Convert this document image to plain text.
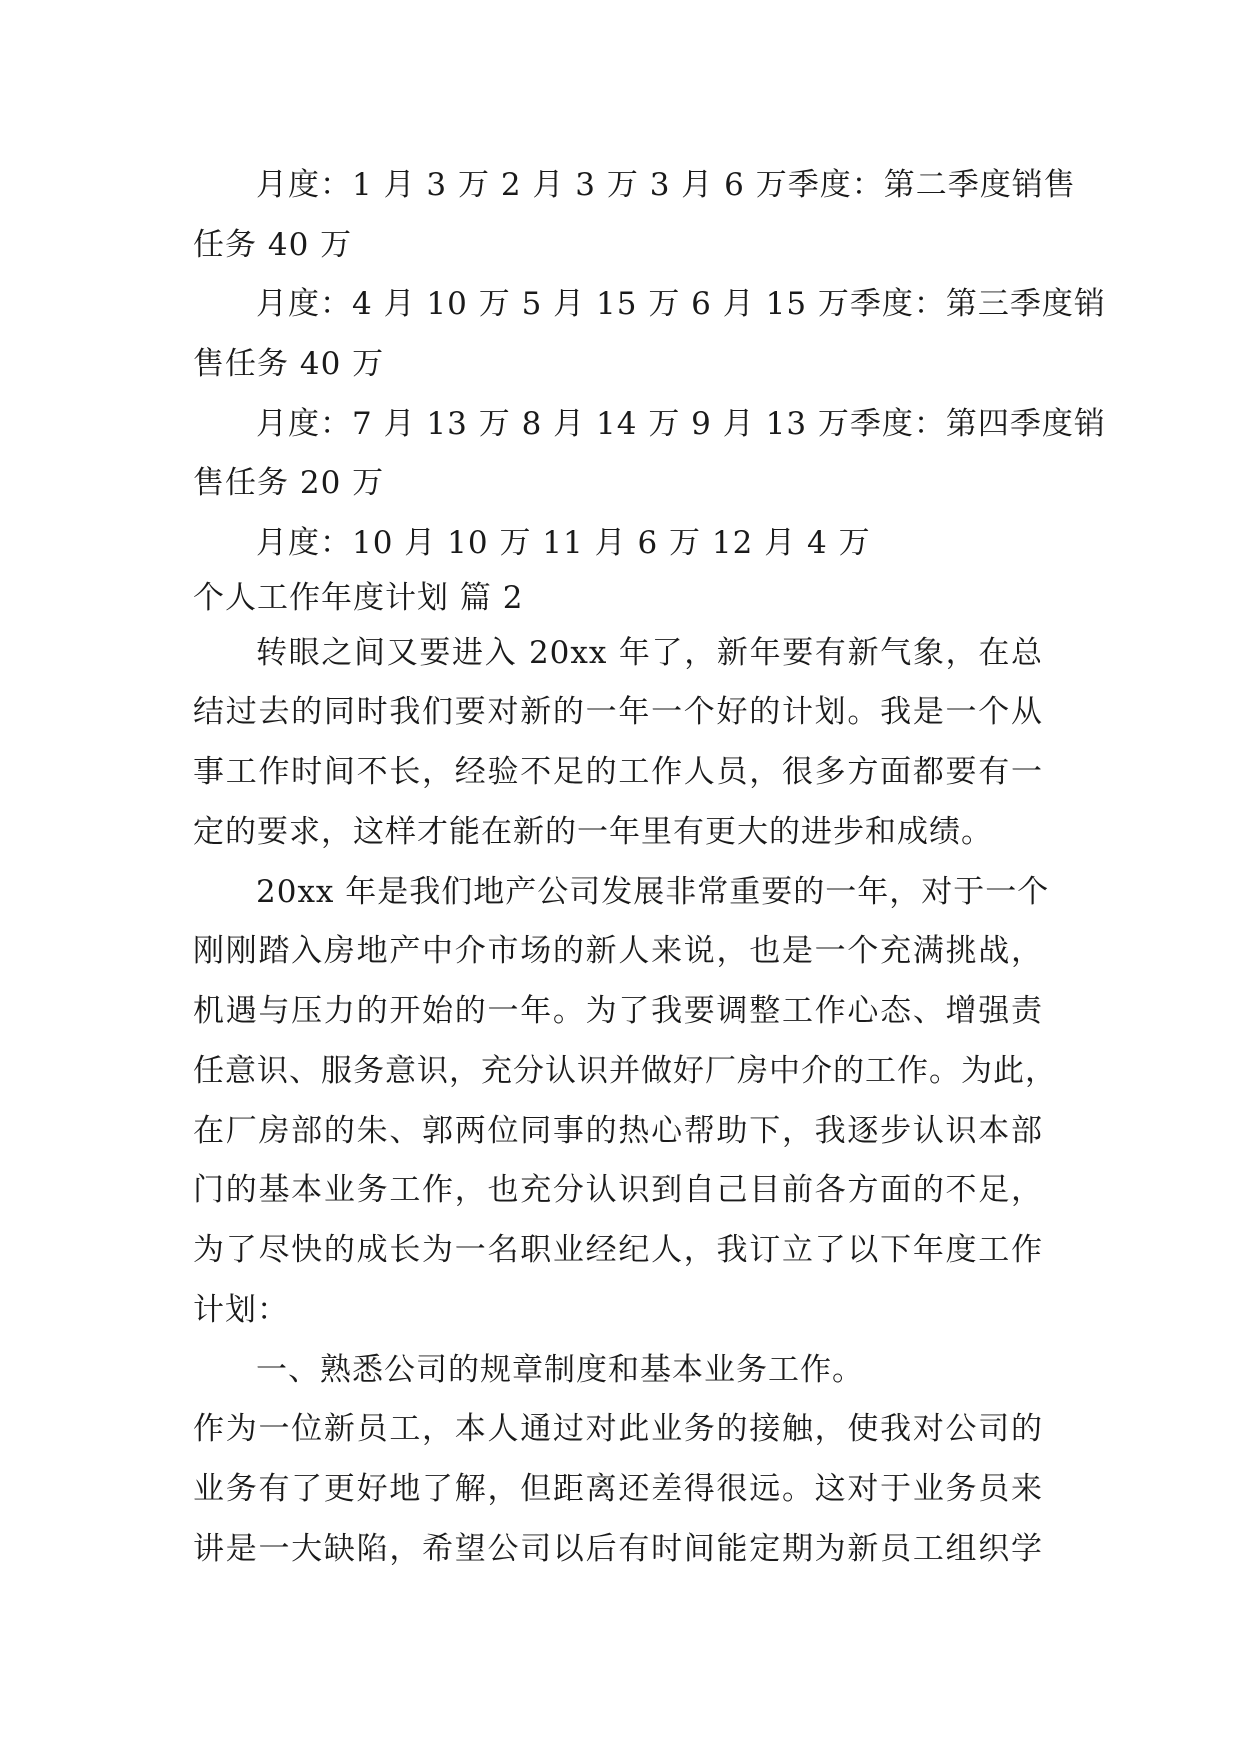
月度：1 月 3 万 2 月 3 万 3 月 6 万季度：第二季度销售
任务 40 万
月度：4 月 10 万 5 月 15 万 6 月 15 万季度：第三季度销
售任务 40 万
月度：7 月 13 万 8 月 14 万 9 月 13 万季度：第四季度销
售任务 20 万
月度：10 月 10 万 11 月 6 万 12 月 4 万
个人工作年度计划 篇 2
转眼之间又要进入 20xx 年了，新年要有新气象，在总
结过去的同时我们要对新的一年一个好的计划。我是一个从
事工作时间不长，经验不足的工作人员，很多方面都要有一
定的要求，这样才能在新的一年里有更大的进步和成绩。
20xx 年是我们地产公司发展非常重要的一年，对于一个
刚刚踏入房地产中介市场的新人来说，也是一个充满挑战，
机遇与压力的开始的一年。为了我要调整工作心态、增强责
任意识、服务意识，充分认识并做好厂房中介的工作。为此，
在厂房部的朱、郭两位同事的热心帮助下，我逐步认识本部
门的基本业务工作，也充分认识到自己目前各方面的不足，
为了尽快的成长为一名职业经纪人，我订立了以下年度工作
计划：
一、熟悉公司的规章制度和基本业务工作。
作为一位新员工，本人通过对此业务的接触，使我对公司的
业务有了更好地了解，但距离还差得很远。这对于业务员来
讲是一大缺陷，希望公司以后有时间能定期为新员工组织学
